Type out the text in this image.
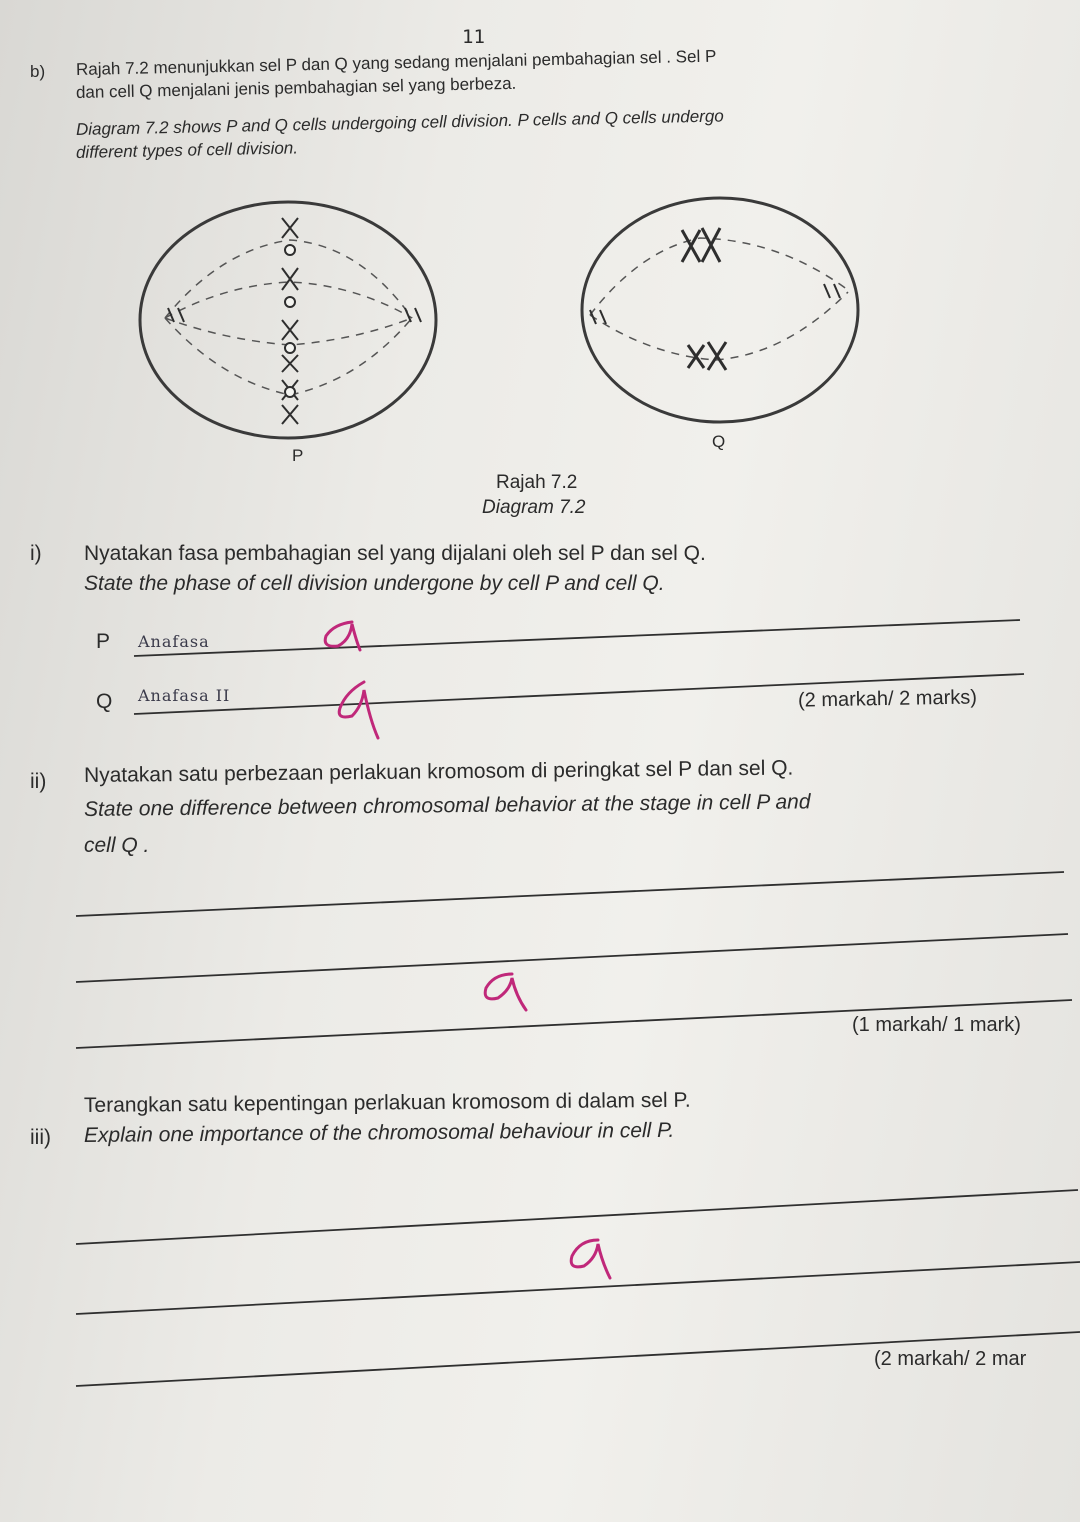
11
b) Rajah 7.2 menunjukkan sel P dan Q yang sedang menjalani pembahagian sel . Sel P
dan cell Q menjalani jenis pembahagian sel yang berbeza.
Diagram 7.2 shows P and Q cells undergoing cell division. P cells and Q cells undergo
different types of cell division.
P
Q
Rajah 7.2
Diagram 7.2
i) Nyatakan fasa pembahagian sel yang dijalani oleh sel P dan sel Q.
State the phase of cell division undergone by cell P and cell Q.
P Anafasa
Q Anafasa II	(2 markah/ 2 marks)
ii) Nyatakan satu perbezaan perlakuan kromosom di peringkat sel P dan sel Q.
State one difference between chromosomal behavior at the stage in cell P and
cell Q .
(1 markah/ 1 mark)
iii)
Terangkan satu kepentingan perlakuan kromosom di dalam sel P.
Explain one importance of the chromosomal behaviour in cell P.
(2 markah/ 2 mar
